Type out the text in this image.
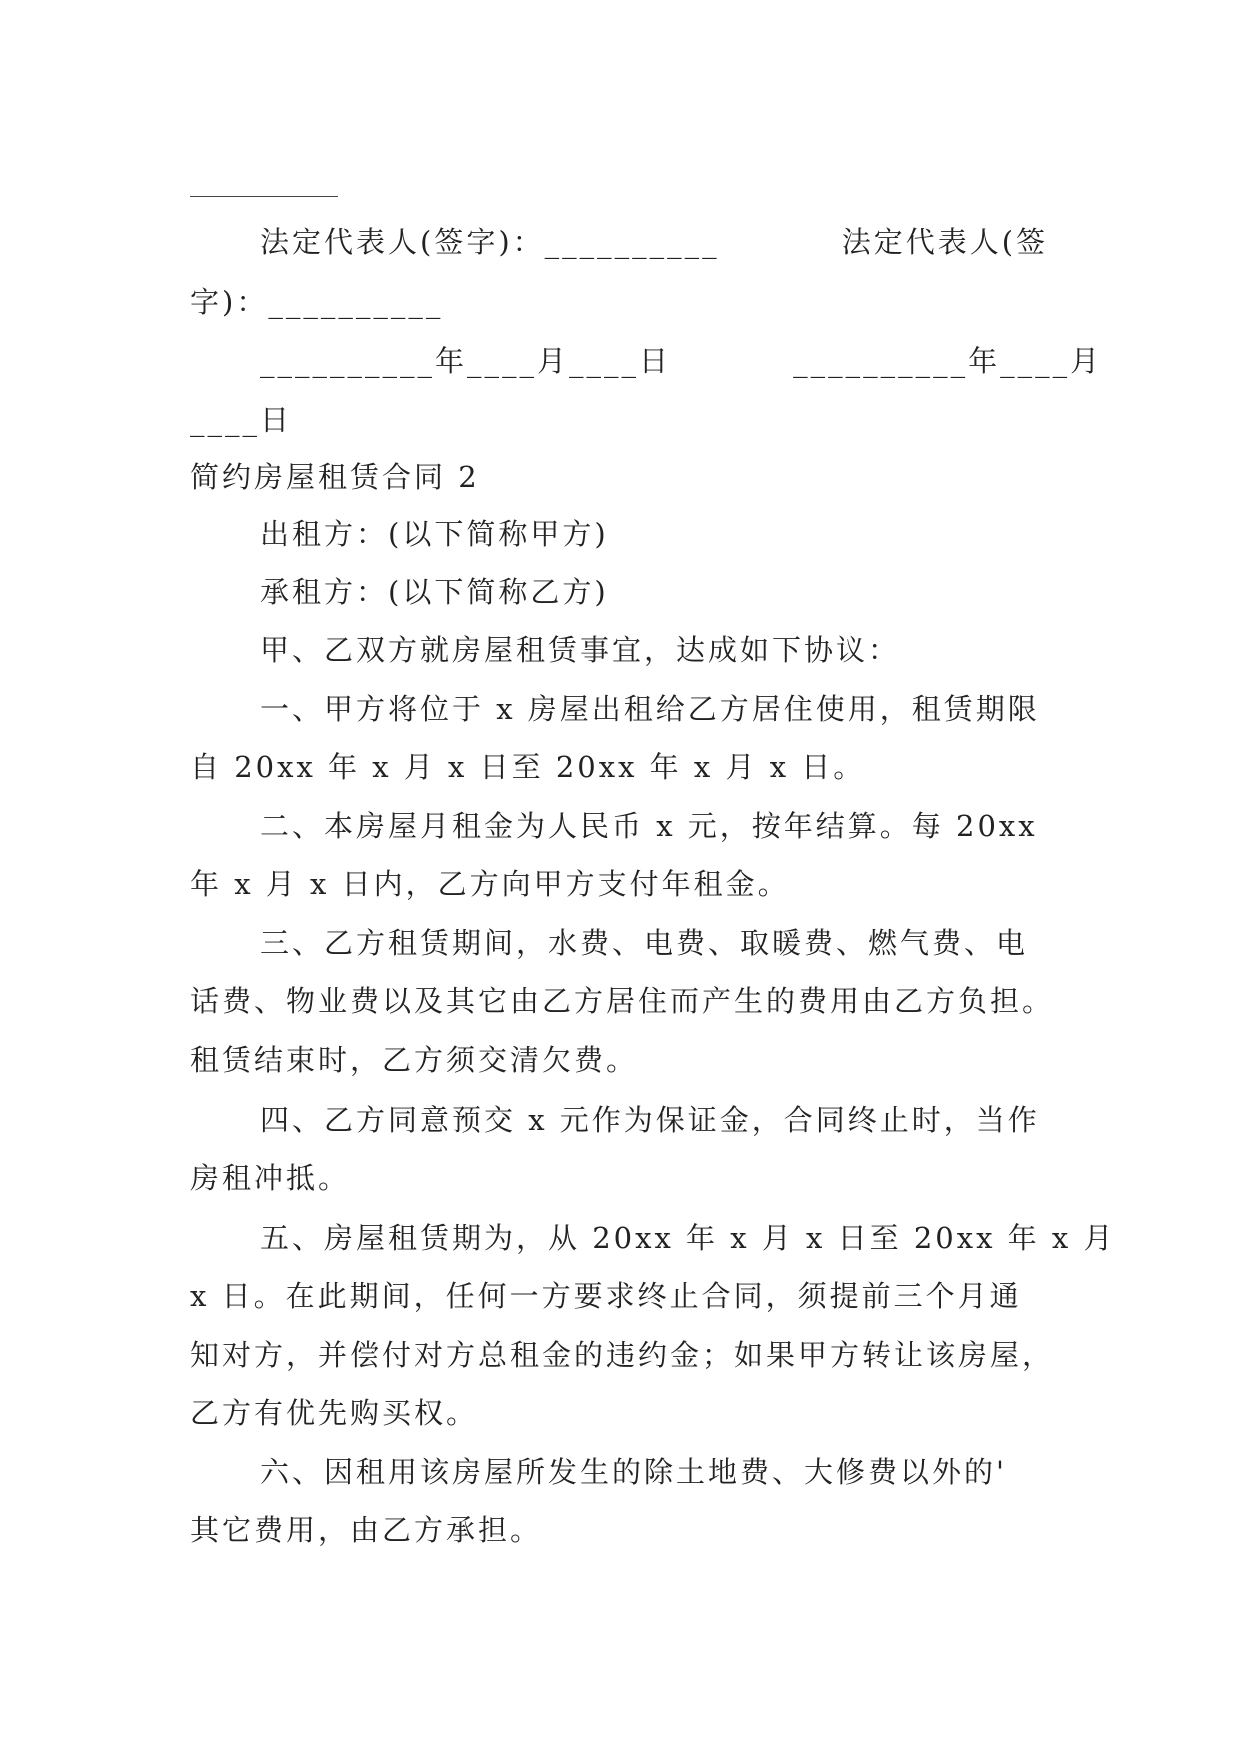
法定代表人(签字)：__________          法定代表人(签
字)：__________
__________年____月____日          __________年____月
____日
简约房屋租赁合同 2
出租方：(以下简称甲方)
承租方：(以下简称乙方)
甲、乙双方就房屋租赁事宜，达成如下协议：
一、甲方将位于 x 房屋出租给乙方居住使用，租赁期限
自 20xx 年 x 月 x 日至 20xx 年 x 月 x 日。
二、本房屋月租金为人民币 x 元，按年结算。每 20xx
年 x 月 x 日内，乙方向甲方支付年租金。
三、乙方租赁期间，水费、电费、取暖费、燃气费、电
话费、物业费以及其它由乙方居住而产生的费用由乙方负担。
租赁结束时，乙方须交清欠费。
四、乙方同意预交 x 元作为保证金，合同终止时，当作
房租冲抵。
五、房屋租赁期为，从 20xx 年 x 月 x 日至 20xx 年 x 月
x 日。在此期间，任何一方要求终止合同，须提前三个月通
知对方，并偿付对方总租金的违约金；如果甲方转让该房屋，
乙方有优先购买权。
六、因租用该房屋所发生的除土地费、大修费以外的'
其它费用，由乙方承担。
